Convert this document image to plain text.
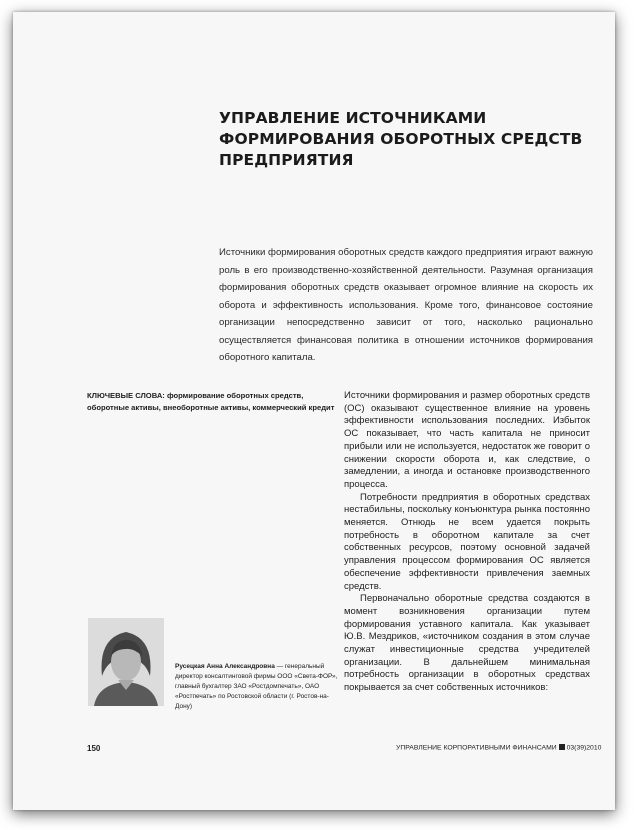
УПРАВЛЕНИЕ ИСТОЧНИКАМИ ФОРМИРОВАНИЯ ОБОРОТНЫХ СРЕДСТВ ПРЕДПРИЯТИЯ

Источники формирования оборотных средств каждого предприятия играют важную роль в его производственно-хозяйственной деятельности. Разумная организация формирования оборотных средств оказывает огромное влияние на скорость их оборота и эффективность использования. Кроме того, финансовое состояние организации непосредственно зависит от того, насколько рационально осуществляется финансовая политика в отношении источников формирования оборотного капитала.

КЛЮЧЕВЫЕ СЛОВА: формирование оборотных средств, оборотные активы, внеоборотные активы, коммерческий кредит

Источники формирования и размер оборотных средств (ОС) оказывают существенное влияние на уровень эффективности использования последних. Избыток ОС показывает, что часть капитала не приносит прибыли или не используется, недостаток же говорит о снижении скорости оборота и, как следствие, о замедлении, а иногда и остановке производственного процесса.

Потребности предприятия в оборотных средствах нестабильны, поскольку конъюнктура рынка постоянно меняется. Отнюдь не всем удается покрыть потребность в оборотном капитале за счет собственных ресурсов, поэтому основной задачей управления процессом формирования ОС является обеспечение эффективности привлечения заемных средств.

Первоначально оборотные средства создаются в момент возникновения организации путем формирования уставного капитала. Как указывает Ю.В. Мездриков, «источником создания в этом случае служат инвестиционные средства учредителей организации. В дальнейшем минимальная потребность организации в оборотных средствах покрывается за счет собственных источников:

Русецкая Анна Александровна — генеральный директор консалтинговой фирмы ООО «Света-ФОР», главный бухгалтер ЗАО «Ростдомпечать», ОАО «Ростпечать» по Ростовской области (г. Ростов-на-Дону)

150	УПРАВЛЕНИЕ КОРПОРАТИВНЫМИ ФИНАНСАМИ 03(39)2010
